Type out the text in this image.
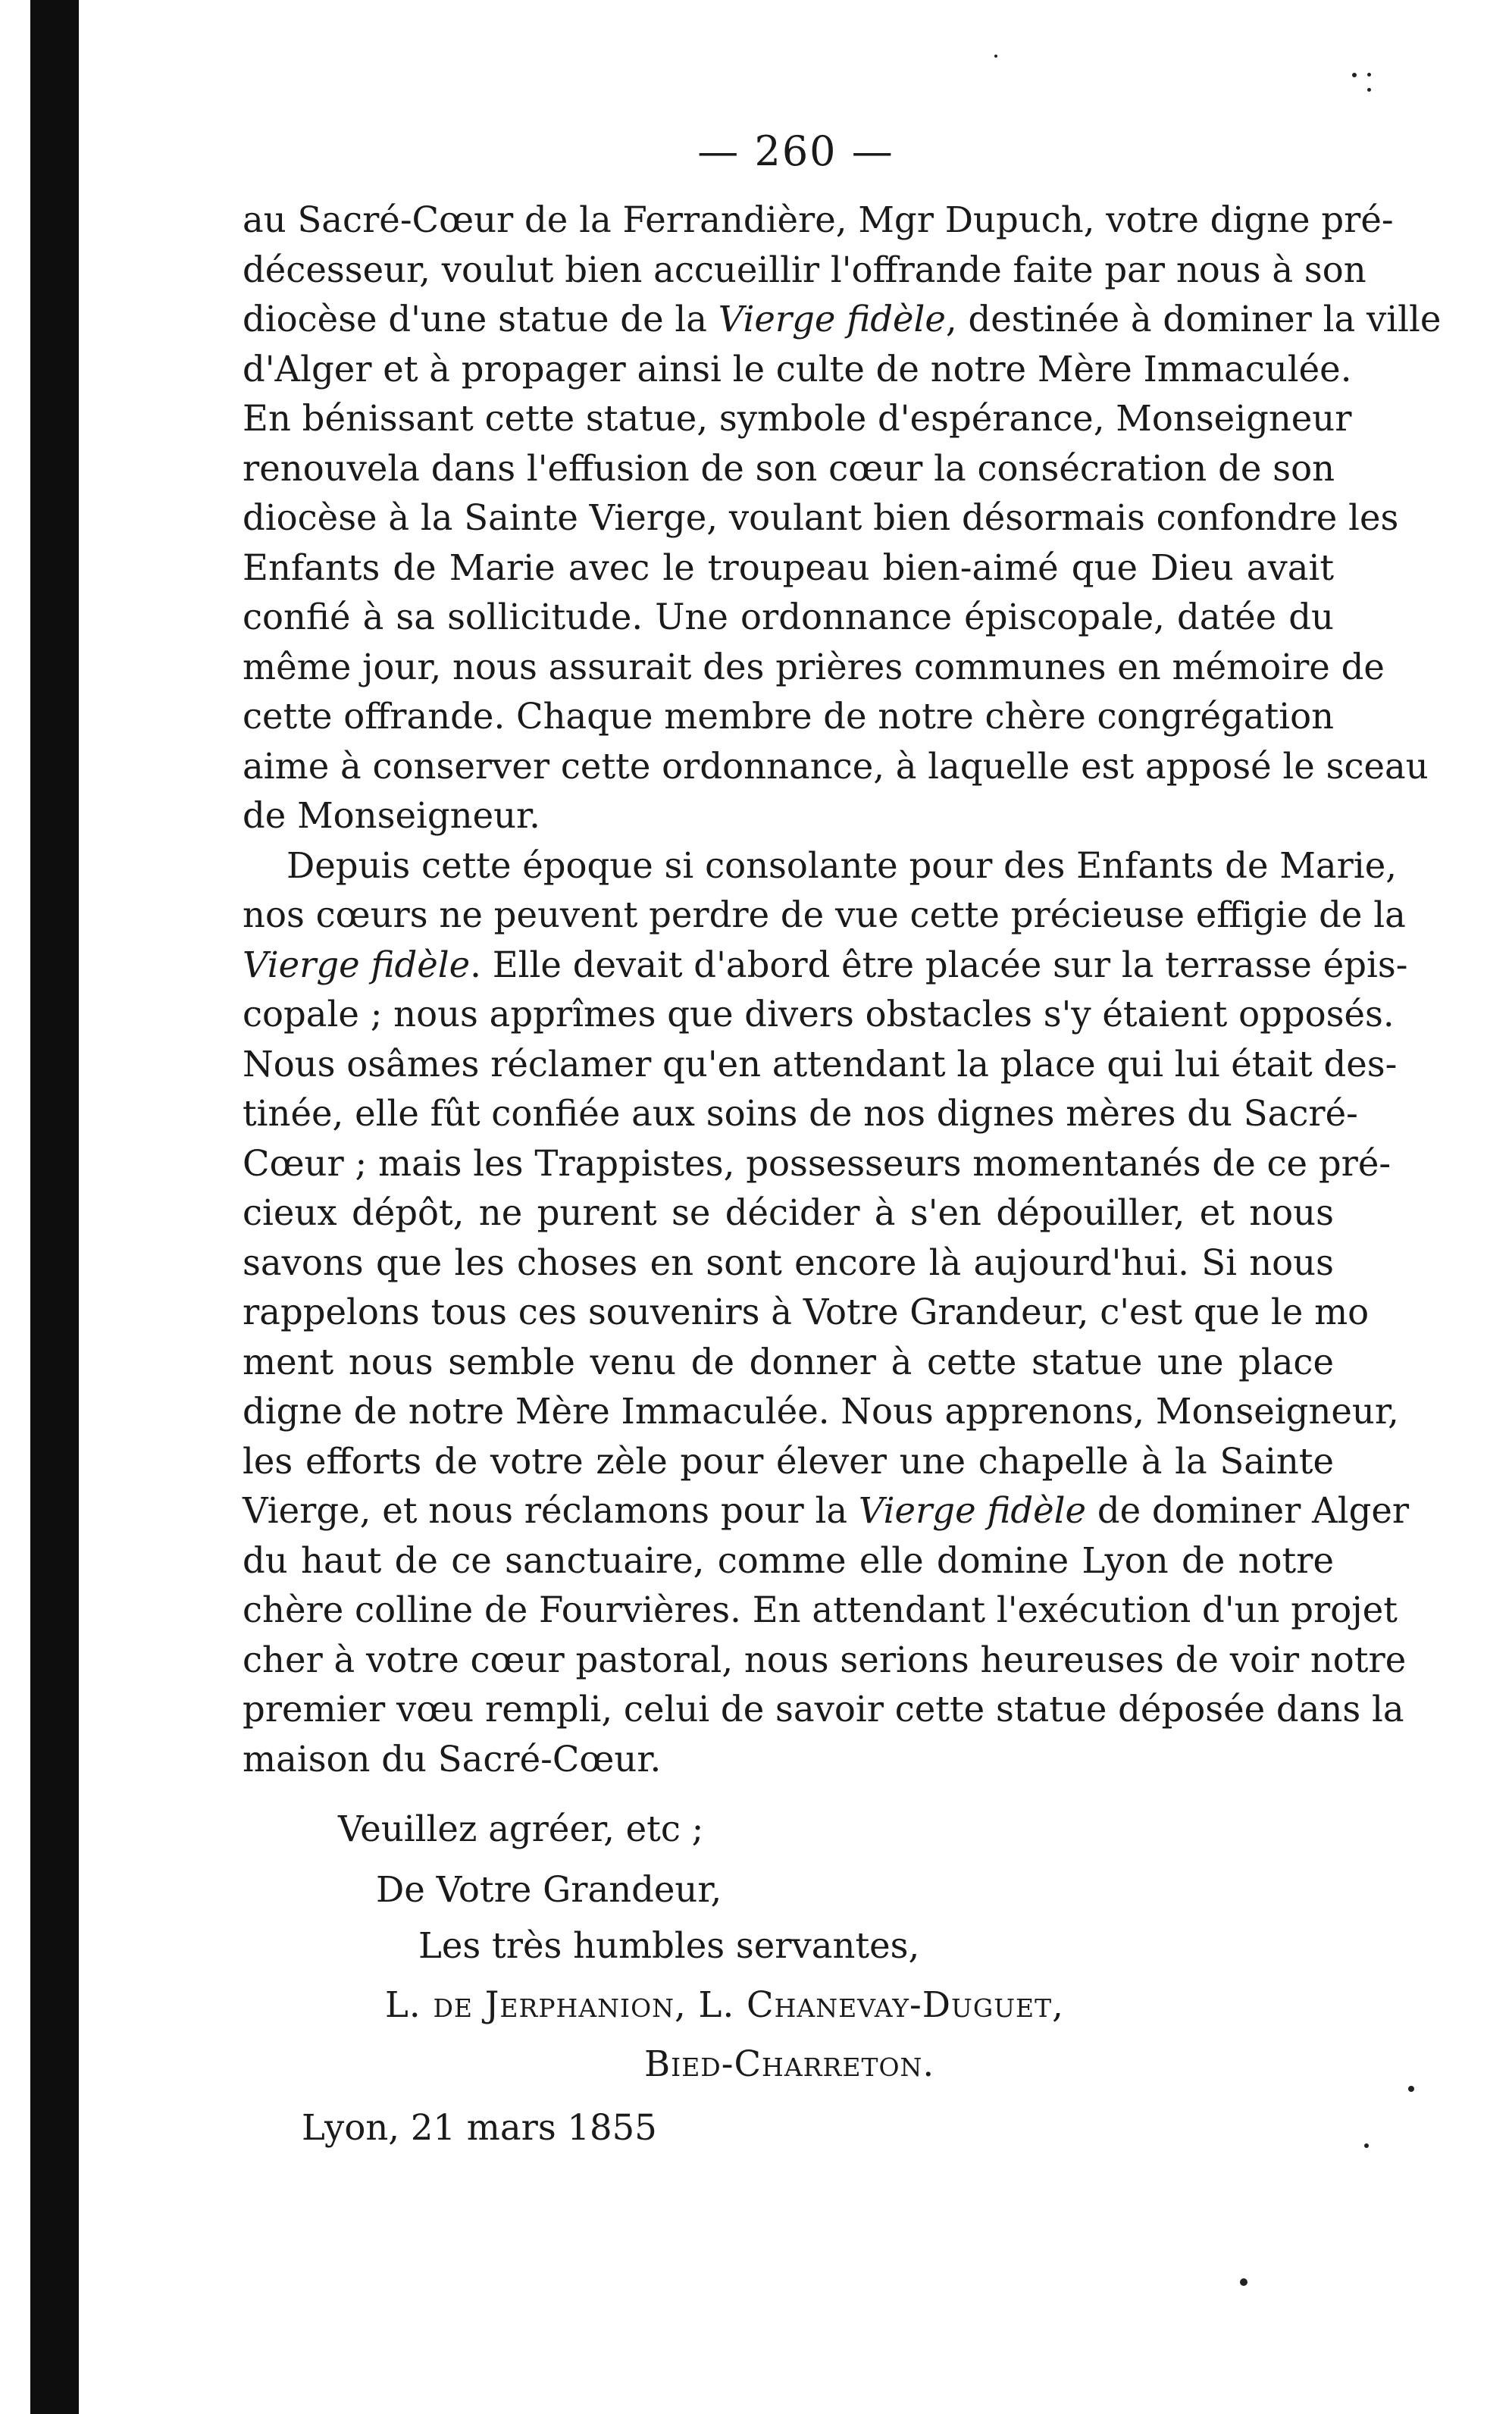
— 260 —
au Sacré-Cœur de la Ferrandière, Mgr Dupuch, votre digne pré-
décesseur, voulut bien accueillir l'offrande faite par nous à son
diocèse d'une statue de la Vierge fidèle, destinée à dominer la ville
d'Alger et à propager ainsi le culte de notre Mère Immaculée.
En bénissant cette statue, symbole d'espérance, Monseigneur
renouvela dans l'effusion de son cœur la consécration de son
diocèse à la Sainte Vierge, voulant bien désormais confondre les
Enfants de Marie avec le troupeau bien-aimé que Dieu avait
confié à sa sollicitude. Une ordonnance épiscopale, datée du
même jour, nous assurait des prières communes en mémoire de
cette offrande. Chaque membre de notre chère congrégation
aime à conserver cette ordonnance, à laquelle est apposé le sceau
de Monseigneur.
Depuis cette époque si consolante pour des Enfants de Marie,
nos cœurs ne peuvent perdre de vue cette précieuse effigie de la
Vierge fidèle. Elle devait d'abord être placée sur la terrasse épis-
copale ; nous apprîmes que divers obstacles s'y étaient opposés.
Nous osâmes réclamer qu'en attendant la place qui lui était des-
tinée, elle fût confiée aux soins de nos dignes mères du Sacré-
Cœur ; mais les Trappistes, possesseurs momentanés de ce pré-
cieux dépôt, ne purent se décider à s'en dépouiller, et nous
savons que les choses en sont encore là aujourd'hui. Si nous
rappelons tous ces souvenirs à Votre Grandeur, c'est que le mo
ment nous semble venu de donner à cette statue une place
digne de notre Mère Immaculée. Nous apprenons, Monseigneur,
les efforts de votre zèle pour élever une chapelle à la Sainte
Vierge, et nous réclamons pour la Vierge fidèle de dominer Alger
du haut de ce sanctuaire, comme elle domine Lyon de notre
chère colline de Fourvières. En attendant l'exécution d'un projet
cher à votre cœur pastoral, nous serions heureuses de voir notre
premier vœu rempli, celui de savoir cette statue déposée dans la
maison du Sacré-Cœur.
Veuillez agréer, etc ;
De Votre Grandeur,
Les très humbles servantes,
L. de Jerphanion, L. Chanevay-Duguet,
Bied-Charreton.
Lyon, 21 mars 1855
